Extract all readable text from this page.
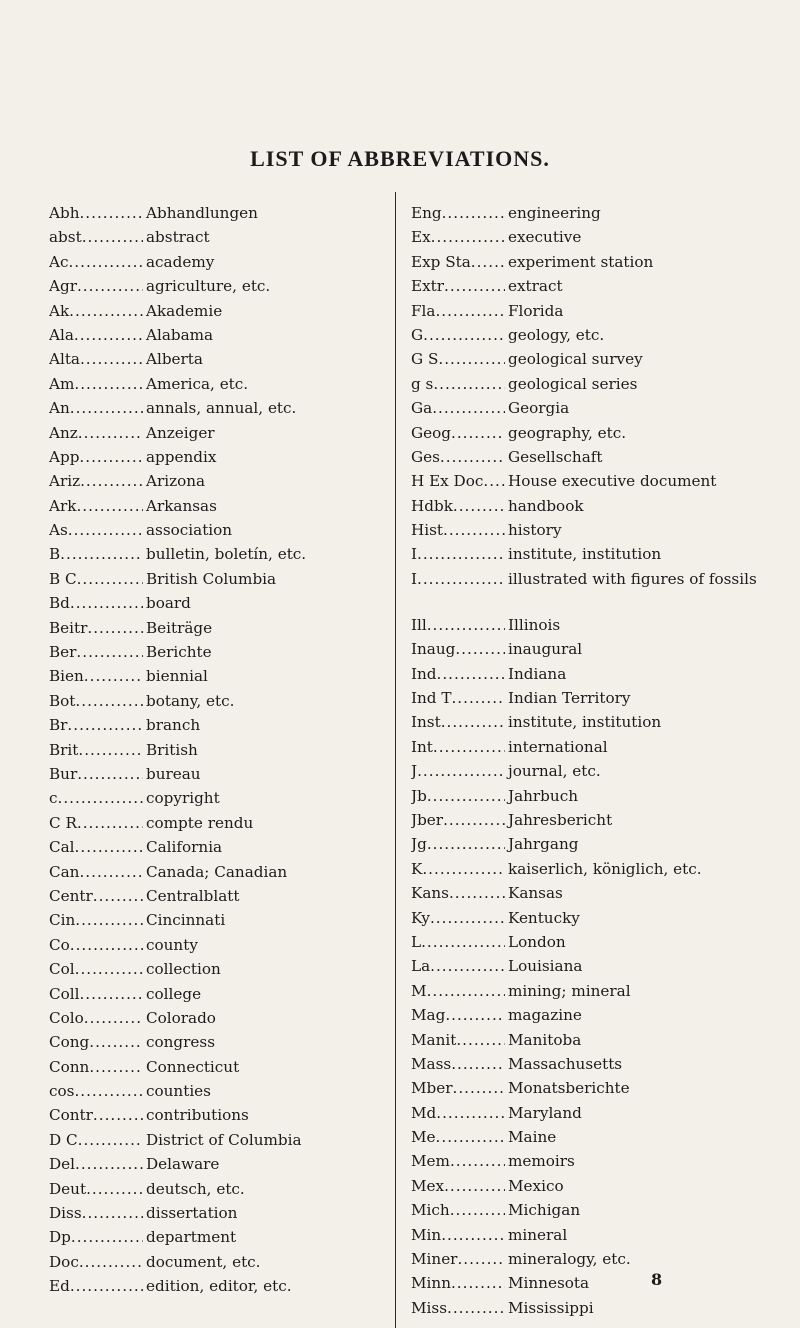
LIST OF ABBREVIATIONS.
Abh .....	Abhandlungen
abst .....	abstract
Ac .....	academy
Agr .....	agriculture, etc.
Ak .....	Akademie
Ala .....	Alabama
Alta .....	Alberta
Am .....	America, etc.
An .....	annals, annual, etc.
Anz .....	Anzeiger
App .....	appendix
Ariz .....	Arizona
Ark .....	Arkansas
As .....	association
B .....	bulletin, boletín, etc.
B C .....	British Columbia
Bd .....	board
Beitr .....	Beiträge
Ber .....	Berichte
Bien .....	biennial
Bot .....	botany, etc.
Br .....	branch
Brit .....	British
Bur .....	bureau
c .....	copyright
C R .....	compte rendu
Cal .....	California
Can .....	Canada; Canadian
Centr .....	Centralblatt
Cin .....	Cincinnati
Co .....	county
Col .....	collection
Coll .....	college
Colo .....	Colorado
Cong .....	congress
Conn .....	Connecticut
cos .....	counties
Contr .....	contributions
D C .....	District of Columbia
Del .....	Delaware
Deut .....	deutsch, etc.
Diss .....	dissertation
Dp .....	department
Doc .....	document, etc.
Ed .....	edition, editor, etc.
Eng .....	engineering
Ex .....	executive
Exp Sta ..... experiment station
Extr .....	extract
Fla .....	Florida
G .....	geology, etc.
G S .....	geological survey
g s .....	geological series
Ga .....	Georgia
Geog .....	geography, etc.
Ges .....	Gesellschaft
H Ex Doc ..... House executive document
Hdbk .....	handbook
Hist .....	history
I .....	institute, institution
I .....	illustrated with figures of fossils
Ill .....	Illinois
Inaug .....	inaugural
Ind .....	Indiana
Ind T .....	Indian Territory
Inst .....	institute, institution
Int .....	international
J .....	journal, etc.
Jb .....	Jahrbuch
Jber .....	Jahresbericht
Jg .....	Jahrgang
K .....	kaiserlich, königlich, etc.
Kans .....	Kansas
Ky .....	Kentucky
L .....	London
La .....	Louisiana
M .....	mining; mineral
Mag .....	magazine
Manit .....	Manitoba
Mass .....	Massachusetts
Mber .....	Monatsberichte
Md .....	Maryland
Me .....	Maine
Mem .....	memoirs
Mex .....	Mexico
Mich .....	Michigan
Min .....	mineral
Miner .....	mineralogy, etc.
Minn .....	Minnesota
Miss .....	Mississippi
8
